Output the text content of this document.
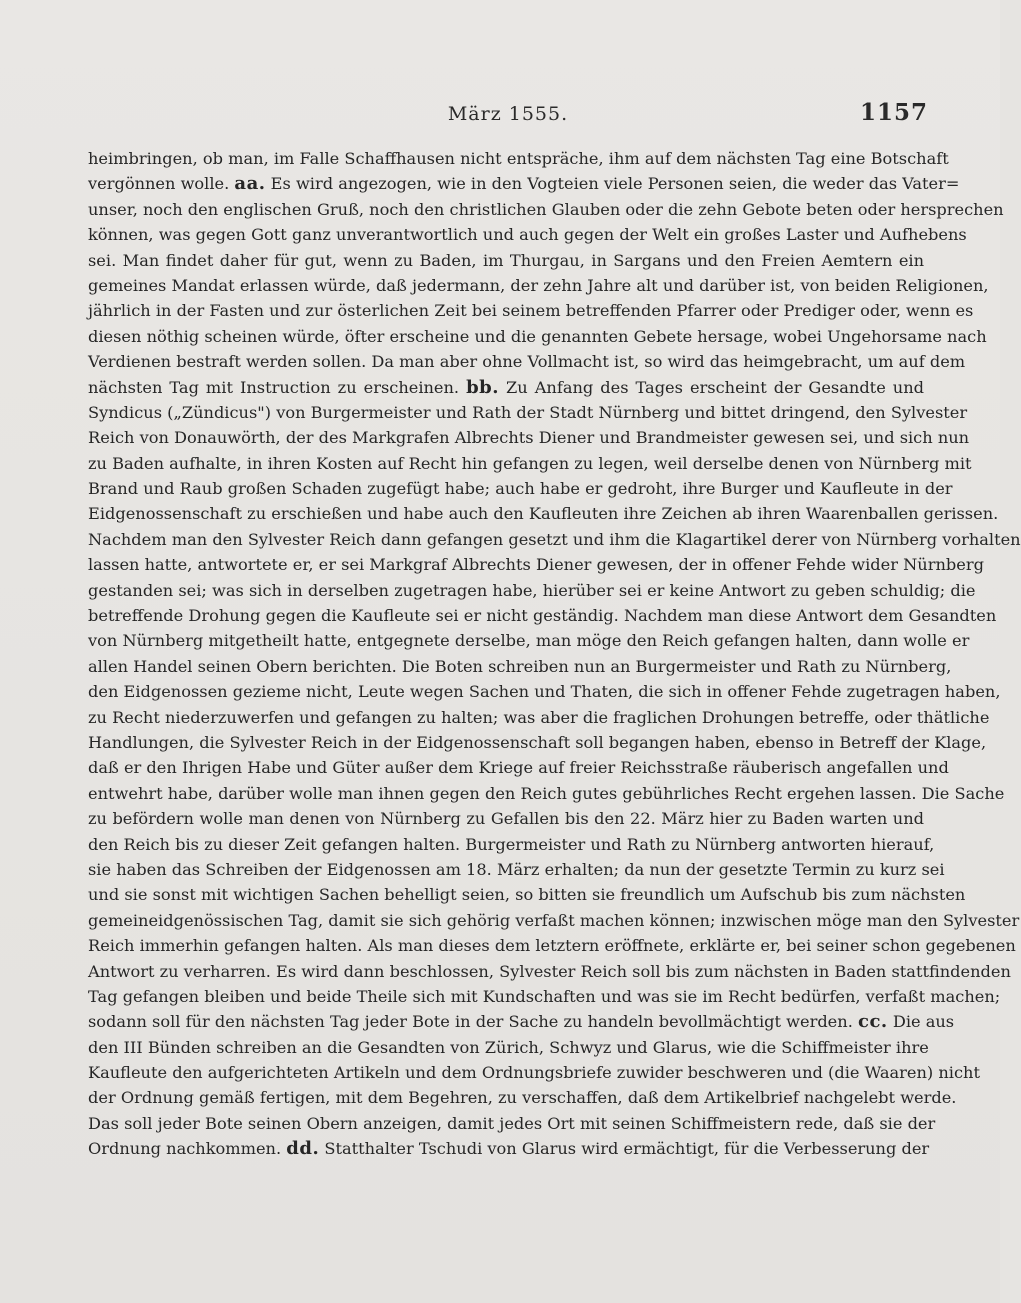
März 1555.	1157
heimbringen, ob man, im Falle Schaffhausen nicht entspräche, ihm auf dem nächsten Tag eine Botschaft
vergönnen wolle. aa. Es wird angezogen, wie in den Vogteien viele Personen seien, die weder das Vater=
unser, noch den englischen Gruß, noch den christlichen Glauben oder die zehn Gebote beten oder hersprechen
können, was gegen Gott ganz unverantwortlich und auch gegen der Welt ein großes Laster und Aufhebens
sei. Man findet daher für gut, wenn zu Baden, im Thurgau, in Sargans und den Freien Aemtern ein
gemeines Mandat erlassen würde, daß jedermann, der zehn Jahre alt und darüber ist, von beiden Religionen,
jährlich in der Fasten und zur österlichen Zeit bei seinem betreffenden Pfarrer oder Prediger oder, wenn es
diesen nöthig scheinen würde, öfter erscheine und die genannten Gebete hersage, wobei Ungehorsame nach
Verdienen bestraft werden sollen. Da man aber ohne Vollmacht ist, so wird das heimgebracht, um auf dem
nächsten Tag mit Instruction zu erscheinen. bb. Zu Anfang des Tages erscheint der Gesandte und
Syndicus („Zündicus") von Burgermeister und Rath der Stadt Nürnberg und bittet dringend, den Sylvester
Reich von Donauwörth, der des Markgrafen Albrechts Diener und Brandmeister gewesen sei, und sich nun
zu Baden aufhalte, in ihren Kosten auf Recht hin gefangen zu legen, weil derselbe denen von Nürnberg mit
Brand und Raub großen Schaden zugefügt habe; auch habe er gedroht, ihre Burger und Kaufleute in der
Eidgenossenschaft zu erschießen und habe auch den Kaufleuten ihre Zeichen ab ihren Waarenballen gerissen.
Nachdem man den Sylvester Reich dann gefangen gesetzt und ihm die Klagartikel derer von Nürnberg vorhalten
lassen hatte, antwortete er, er sei Markgraf Albrechts Diener gewesen, der in offener Fehde wider Nürnberg
gestanden sei; was sich in derselben zugetragen habe, hierüber sei er keine Antwort zu geben schuldig; die
betreffende Drohung gegen die Kaufleute sei er nicht geständig. Nachdem man diese Antwort dem Gesandten
von Nürnberg mitgetheilt hatte, entgegnete derselbe, man möge den Reich gefangen halten, dann wolle er
allen Handel seinen Obern berichten. Die Boten schreiben nun an Burgermeister und Rath zu Nürnberg,
den Eidgenossen gezieme nicht, Leute wegen Sachen und Thaten, die sich in offener Fehde zugetragen haben,
zu Recht niederzuwerfen und gefangen zu halten; was aber die fraglichen Drohungen betreffe, oder thätliche
Handlungen, die Sylvester Reich in der Eidgenossenschaft soll begangen haben, ebenso in Betreff der Klage,
daß er den Ihrigen Habe und Güter außer dem Kriege auf freier Reichsstraße räuberisch angefallen und
entwehrt habe, darüber wolle man ihnen gegen den Reich gutes gebührliches Recht ergehen lassen. Die Sache
zu befördern wolle man denen von Nürnberg zu Gefallen bis den 22. März hier zu Baden warten und
den Reich bis zu dieser Zeit gefangen halten. Burgermeister und Rath zu Nürnberg antworten hierauf,
sie haben das Schreiben der Eidgenossen am 18. März erhalten; da nun der gesetzte Termin zu kurz sei
und sie sonst mit wichtigen Sachen behelligt seien, so bitten sie freundlich um Aufschub bis zum nächsten
gemeineidgenössischen Tag, damit sie sich gehörig verfaßt machen können; inzwischen möge man den Sylvester
Reich immerhin gefangen halten. Als man dieses dem letztern eröffnete, erklärte er, bei seiner schon gegebenen
Antwort zu verharren. Es wird dann beschlossen, Sylvester Reich soll bis zum nächsten in Baden stattfindenden
Tag gefangen bleiben und beide Theile sich mit Kundschaften und was sie im Recht bedürfen, verfaßt machen;
sodann soll für den nächsten Tag jeder Bote in der Sache zu handeln bevollmächtigt werden. cc. Die aus
den III Bünden schreiben an die Gesandten von Zürich, Schwyz und Glarus, wie die Schiffmeister ihre
Kaufleute den aufgerichteten Artikeln und dem Ordnungsbriefe zuwider beschweren und (die Waaren) nicht
der Ordnung gemäß fertigen, mit dem Begehren, zu verschaffen, daß dem Artikelbrief nachgelebt werde.
Das soll jeder Bote seinen Obern anzeigen, damit jedes Ort mit seinen Schiffmeistern rede, daß sie der
Ordnung nachkommen. dd. Statthalter Tschudi von Glarus wird ermächtigt, für die Verbesserung der
